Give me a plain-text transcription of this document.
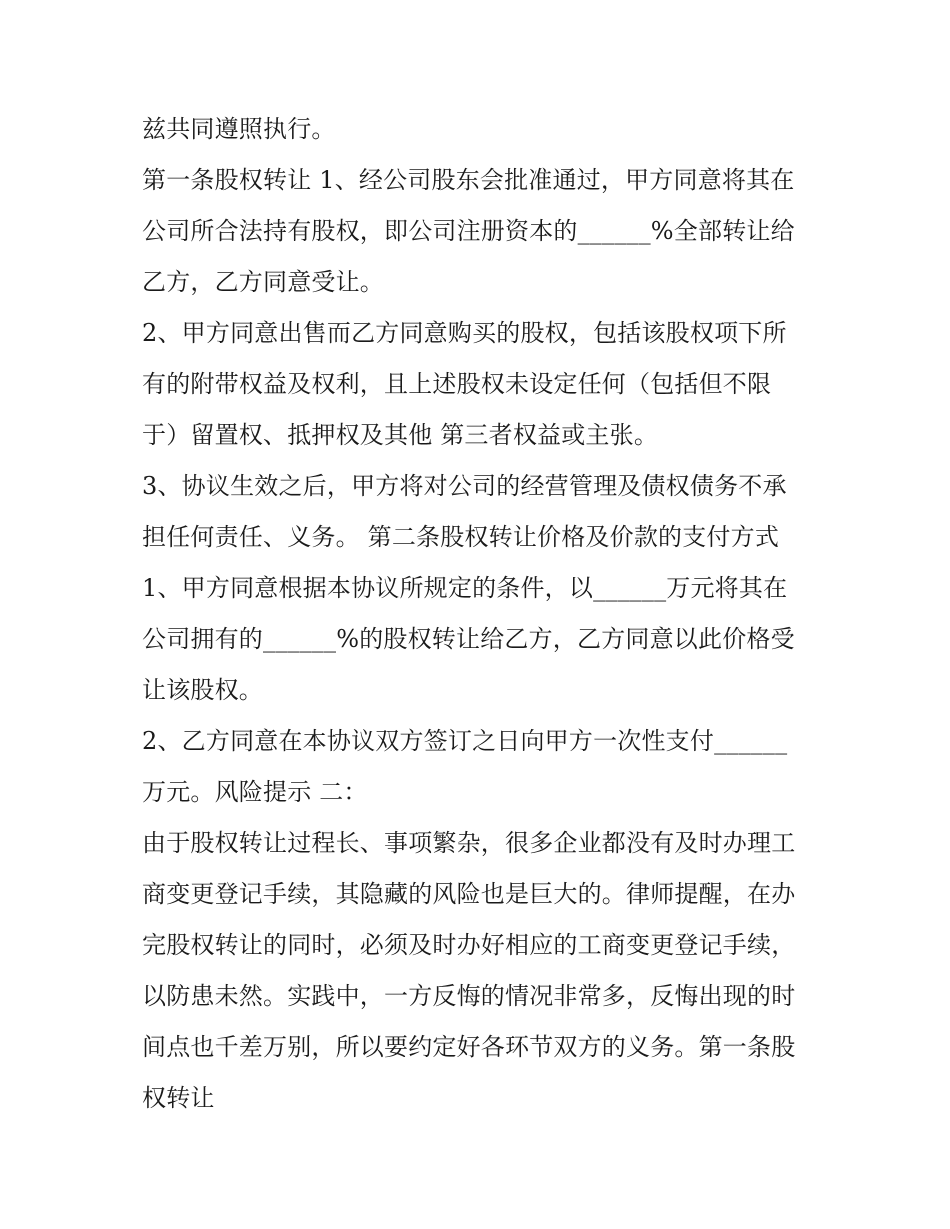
兹共同遵照执行。
第一条股权转让 1、经公司股东会批准通过，甲方同意将其在
公司所合法持有股权，即公司注册资本的______%全部转让给
乙方，乙方同意受让。
2、甲方同意出售而乙方同意购买的股权，包括该股权项下所
有的附带权益及权利，且上述股权未设定任何（包括但不限
于）留置权、抵押权及其他 第三者权益或主张。
3、协议生效之后，甲方将对公司的经营管理及债权债务不承
担任何责任、义务。 第二条股权转让价格及价款的支付方式
1、甲方同意根据本协议所规定的条件，以______万元将其在
公司拥有的______%的股权转让给乙方，乙方同意以此价格受
让该股权。
2、乙方同意在本协议双方签订之日向甲方一次性支付______
万元。风险提示 二：
由于股权转让过程长、事项繁杂，很多企业都没有及时办理工
商变更登记手续，其隐藏的风险也是巨大的。律师提醒，在办
完股权转让的同时，必须及时办好相应的工商变更登记手续，
以防患未然。实践中，一方反悔的情况非常多，反悔出现的时
间点也千差万别，所以要约定好各环节双方的义务。第一条股
权转让
